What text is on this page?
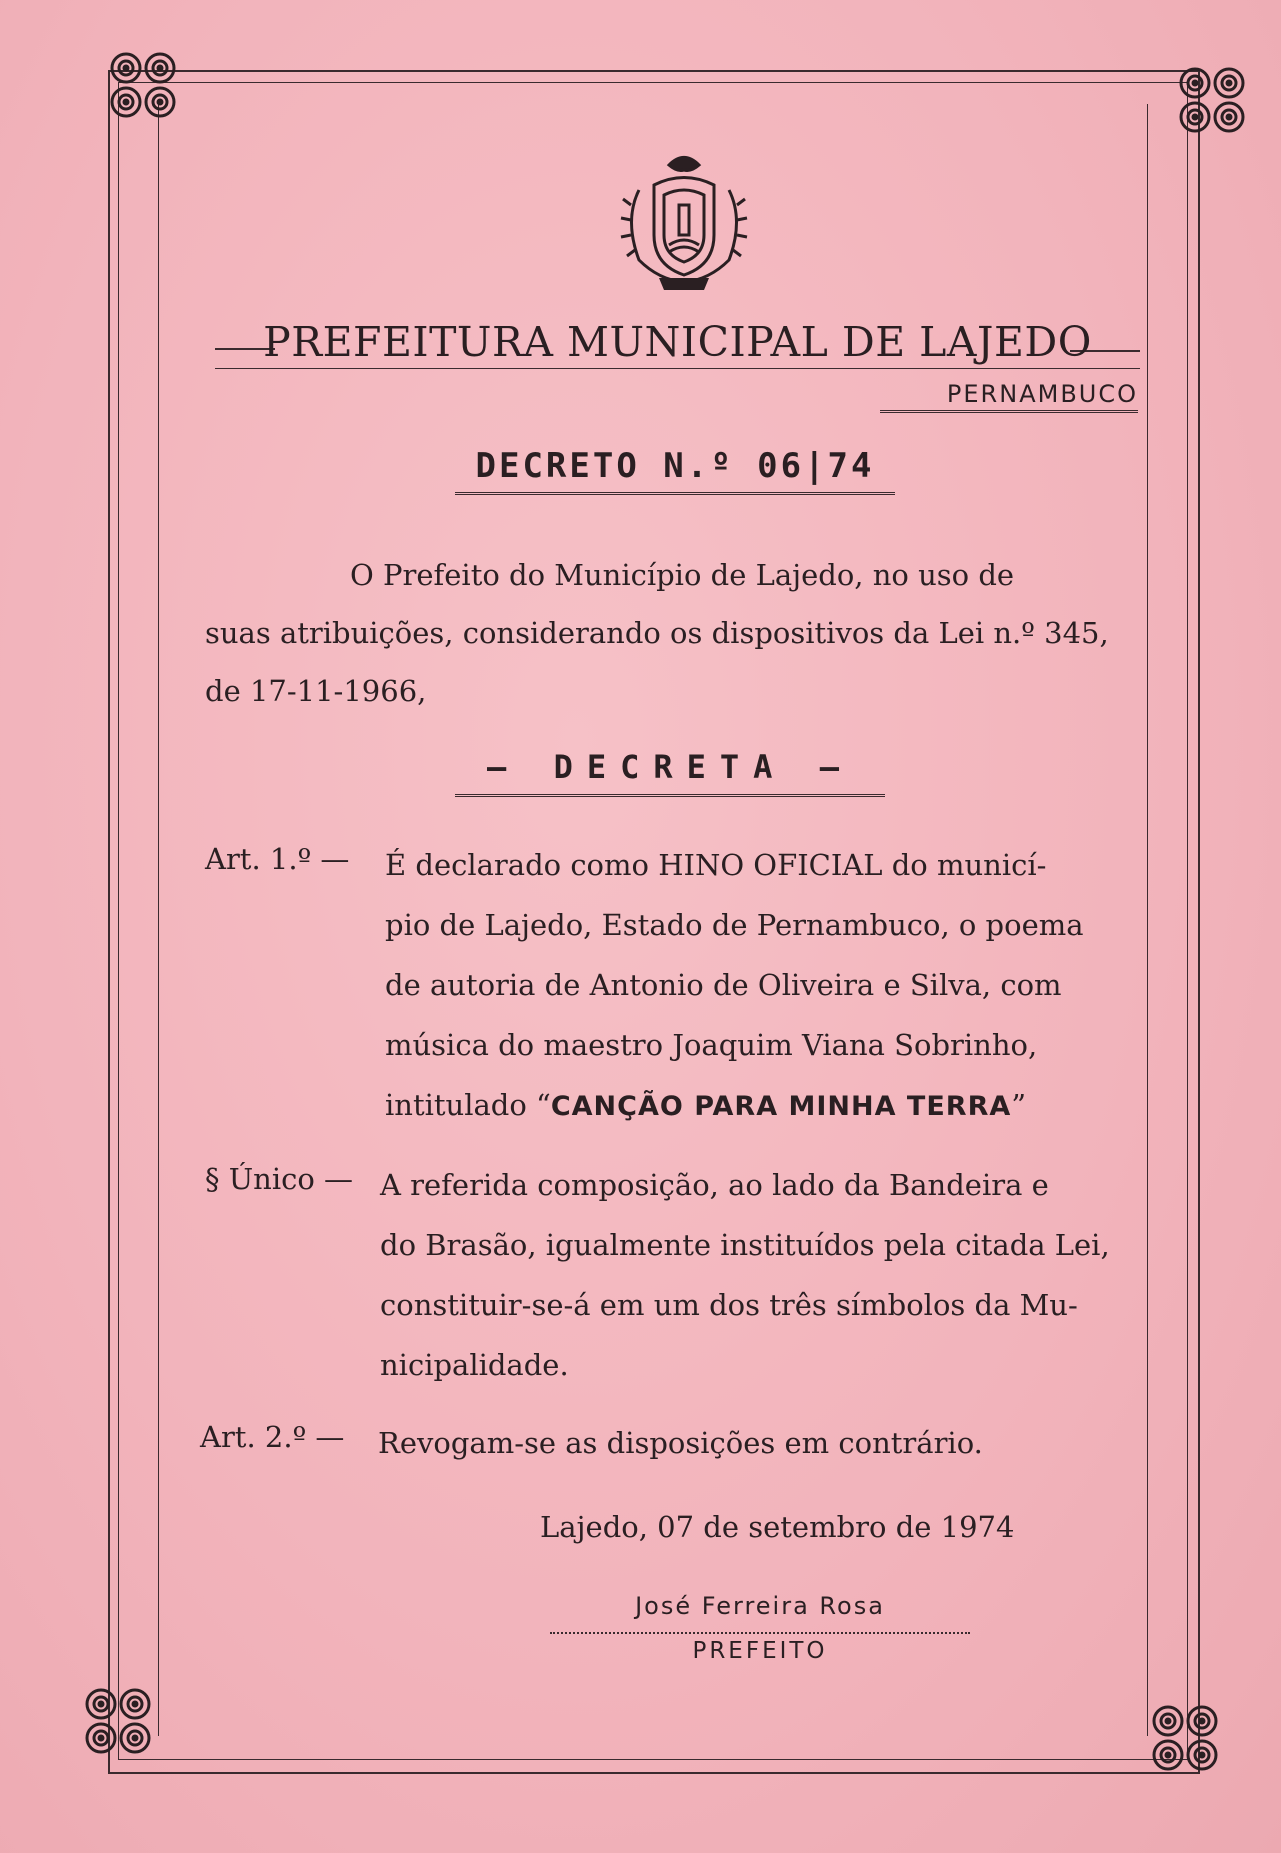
PREFEITURA MUNICIPAL DE LAJEDO
PERNAMBUCO
DECRETO N.º 06|74
O Prefeito do Município de Lajedo, no uso de
suas atribuições, considerando os dispositivos da Lei n.º 345,
de 17-11-1966,
— DECRETA —
Art. 1.º — É declarado como HINO OFICIAL do municí-
pio de Lajedo, Estado de Pernambuco, o poema
de autoria de Antonio de Oliveira e Silva, com
música do maestro Joaquim Viana Sobrinho,
intitulado “CANÇÃO PARA MINHA TERRA”
§ Único — A referida composição, ao lado da Bandeira e
do Brasão, igualmente instituídos pela citada Lei,
constituir-se-á em um dos três símbolos da Mu-
nicipalidade.
Art. 2.º — Revogam-se as disposições em contrário.
Lajedo, 07 de setembro de 1974
José Ferreira Rosa
PREFEITO
